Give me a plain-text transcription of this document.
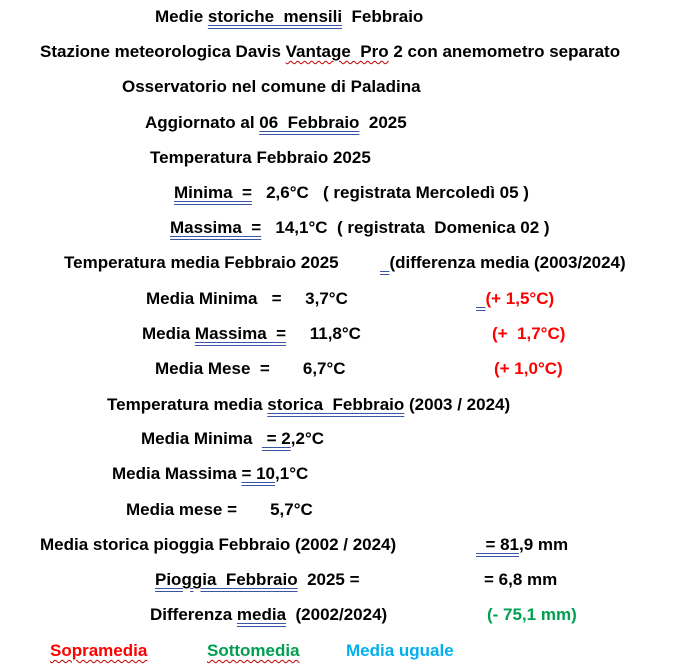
Medie storiche  mensili  Febbraio
Stazione meteorologica Davis Vantage  Pro 2 con anemometro separato
Osservatorio nel comune di Paladina
Aggiornato al 06  Febbraio  2025
Temperatura Febbraio 2025
Minima  =   2,6°C   ( registrata Mercoledì 05 )
Massima  =   14,1°C  ( registrata  Domenica 02 )
Temperatura media Febbraio 2025	(differenza media (2003/2024)
Media Minima   =     3,7°C	(+ 1,5°C)
Media Massima  =     11,8°C	(+  1,7°C)
Media Mese  =       6,7°C	(+ 1,0°C)
Temperatura media storica  Febbraio (2003 / 2024)
Media Minima   = 2,2°C
Media Massima = 10,1°C
Media mese =       5,7°C
Media storica pioggia Febbraio (2002 / 2024)	= 81,9 mm
Pioggia  Febbraio  2025 =	= 6,8 mm
Differenza media  (2002/2024)	(- 75,1 mm)
Sopramedia	Sottomedia	Media uguale
